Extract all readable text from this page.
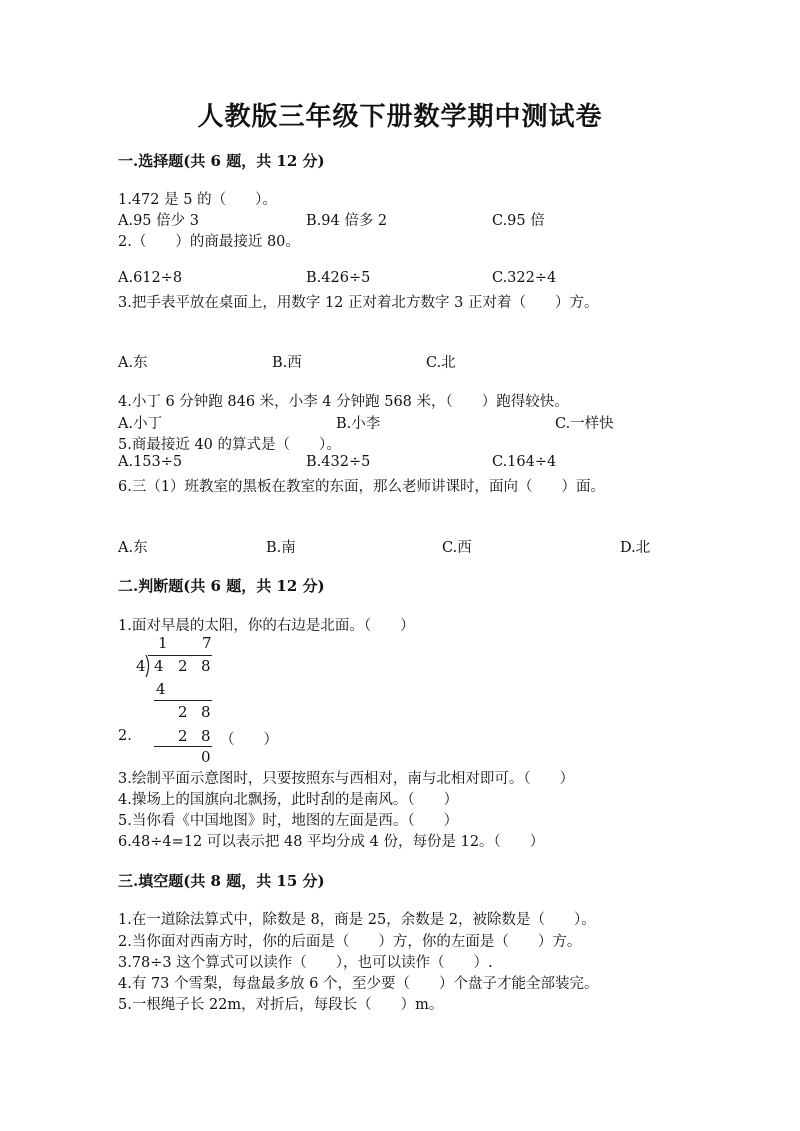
人教版三年级下册数学期中测试卷
一.选择题(共 6 题，共 12 分)
1.472 是 5 的（　　）。
A.95 倍少 3	B.94 倍多 2	C.95 倍
2.（　　）的商最接近 80。
A.612÷8	B.426÷5	C.322÷4
3.把手表平放在桌面上，用数字 12 正对着北方数字 3 正对着（　　）方。
A.东	B.西	C.北
4.小丁 6 分钟跑 846 米，小李 4 分钟跑 568 米，（　　）跑得较快。
A.小丁	B.小李	C.一样快
5.商最接近 40 的算式是（　　）。
A.153÷5	B.432÷5	C.164÷4
6.三（1）班教室的黑板在教室的东面，那么老师讲课时，面向（　　）面。
A.东	B.南	C.西	D.北
二.判断题(共 6 题，共 12 分)
1.面对早晨的太阳，你的右边是北面。（　　）
1 7
4 4 2 8
4
2 8
2 8
0
2.	（　　）
3.绘制平面示意图时，只要按照东与西相对，南与北相对即可。（　　）
4.操场上的国旗向北飘扬，此时刮的是南风。（　　）
5.当你看《中国地图》时，地图的左面是西。（　　）
6.48÷4=12 可以表示把 48 平均分成 4 份，每份是 12。（　　）
三.填空题(共 8 题，共 15 分)
1.在一道除法算式中，除数是 8，商是 25，余数是 2，被除数是（　　）。
2.当你面对西南方时，你的后面是（　　）方，你的左面是（　　）方。
3.78÷3 这个算式可以读作（　　），也可以读作（　　）.
4.有 73 个雪梨，每盘最多放 6 个，至少要（　　）个盘子才能全部装完。
5.一根绳子长 22m，对折后，每段长（　　）m。
